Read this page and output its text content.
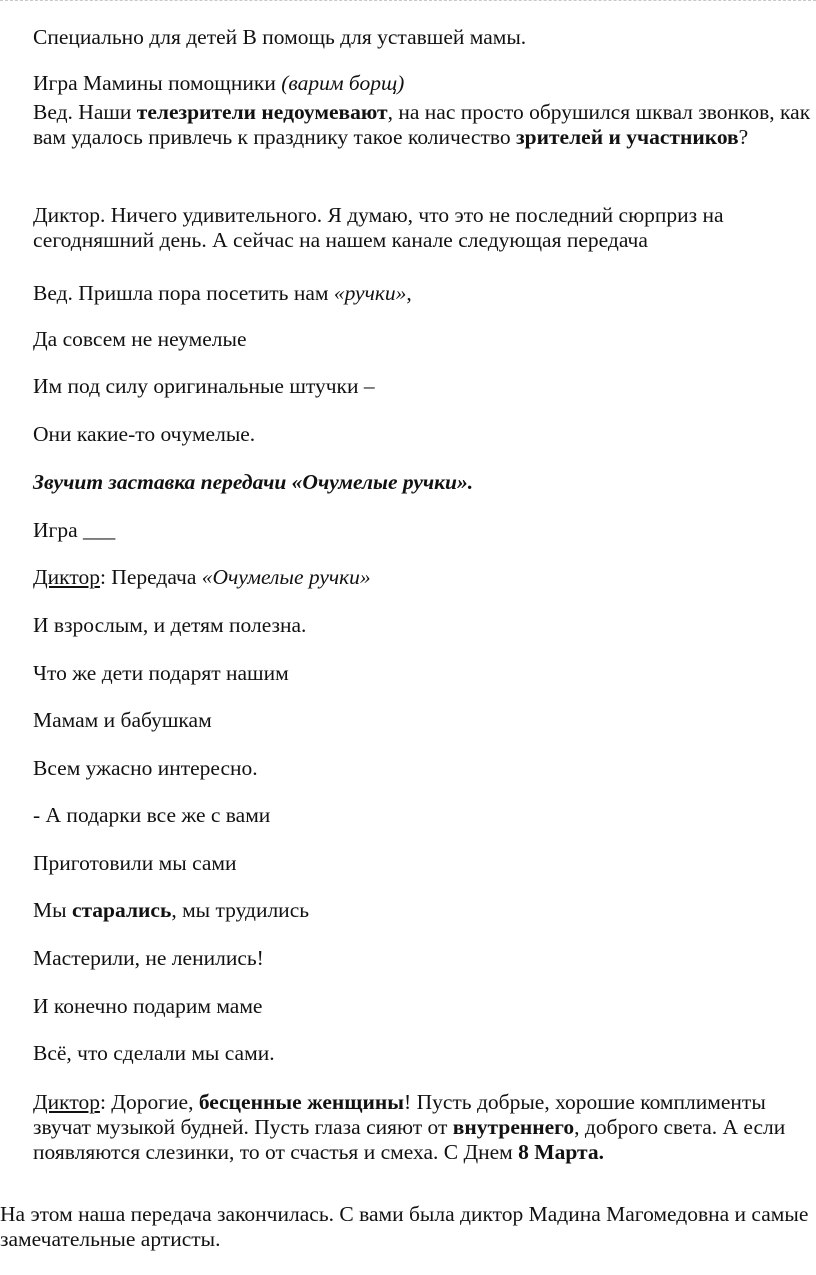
Специально для детей В помощь для уставшей мамы.

Игра Мамины помощники (варим борщ)

Вед. Наши телезрители недоумевают, на нас просто обрушился шквал звонков, как вам удалось привлечь к празднику такое количество зрителей и участников?

Диктор. Ничего удивительного. Я думаю, что это не последний сюрприз на сегодняшний день. А сейчас на нашем канале следующая передача

Вед. Пришла пора посетить нам «ручки»,

Да совсем не неумелые

Им под силу оригинальные штучки –

Они какие-то очумелые.

Звучит заставка передачи «Очумелые ручки».

Игра ___

Диктор: Передача «Очумелые ручки»

И взрослым, и детям полезна.

Что же дети подарят нашим

Мамам и бабушкам

Всем ужасно интересно.

- А подарки все же с вами

Приготовили мы сами

Мы старались, мы трудились

Мастерили, не ленились!

И конечно подарим маме

Всё, что сделали мы сами.

Диктор: Дорогие, бесценные женщины! Пусть добрые, хорошие комплименты звучат музыкой будней. Пусть глаза сияют от внутреннего, доброго света. А если появляются слезинки, то от счастья и смеха. С Днем 8 Марта.

На этом наша передача закончилась. С вами была диктор Мадина Магомедовна и самые замечательные артисты.
